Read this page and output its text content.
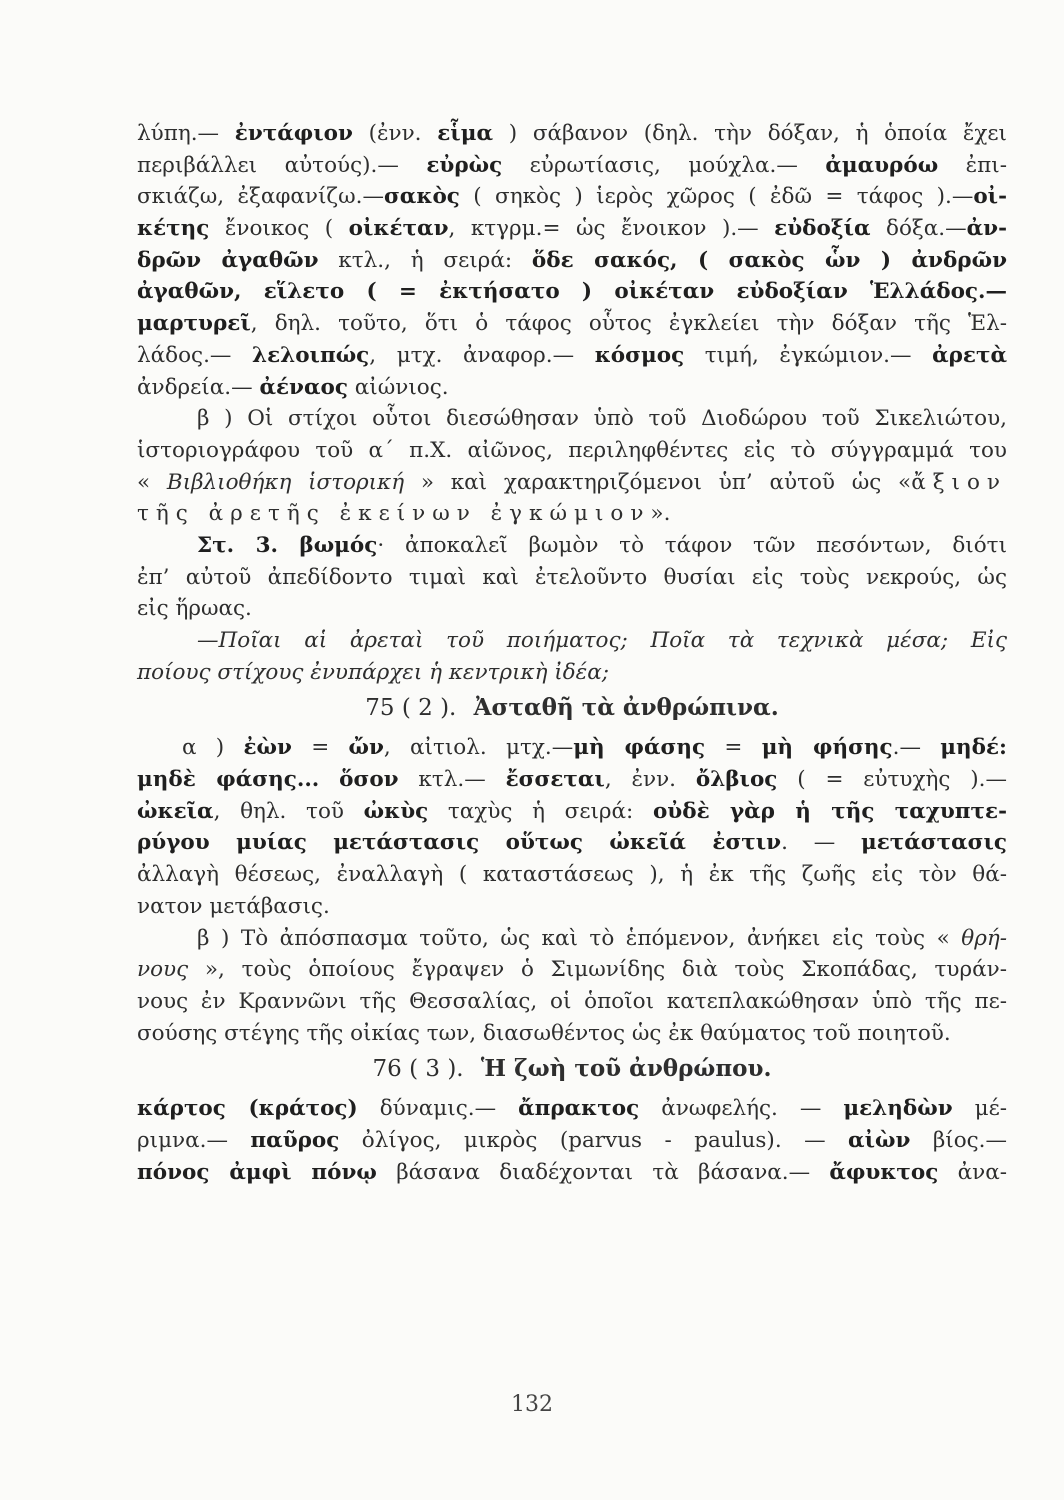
λύπη.— ἐντάφιον (ἐνν. εἷμα ) σάβανον (δηλ. τὴν δόξαν, ἡ ὁποία ἔχει
περιβάλλει αὐτούς).— εὐρὼς εὐρωτίασις, μούχλα.— ἀμαυρόω ἐπι-
σκιάζω, ἐξαφανίζω.—σακὸς ( σηκὸς ) ἱερὸς χῶρος ( ἐδῶ = τάφος ).—οἰ-
κέτης ἔνοικος ( οἰκέταν, κτγρμ.= ὡς ἔνοικον ).— εὐδοξία δόξα.—ἀν-
δρῶν ἀγαθῶν κτλ., ἡ σειρά: ὅδε σακός, ( σακὸς ὧν ) ἀνδρῶν
ἀγαθῶν, εἵλετο ( = ἐκτήσατο ) οἰκέταν εὐδοξίαν Ἑλλάδος.—
μαρτυρεῖ, δηλ. τοῦτο, ὅτι ὁ τάφος οὗτος ἐγκλείει τὴν δόξαν τῆς Ἑλ-
λάδος.— λελοιπώς, μτχ. ἀναφορ.— κόσμος τιμή, ἐγκώμιον.— ἀρετὰ
ἀνδρεία.— ἀέναος αἰώνιος.
β ) Οἱ στίχοι οὗτοι διεσώθησαν ὑπὸ τοῦ Διοδώρου τοῦ Σικελιώτου,
ἱστοριογράφου τοῦ α΄ π.Χ. αἰῶνος, περιληφθέντες εἰς τὸ σύγγραμμά του
« Βιβλιοθήκη ἱστορική » καὶ χαρακτηριζόμενοι ὑπ’ αὐτοῦ ὡς «ἄξιον
τῆς ἀρετῆς ἐκείνων ἐγκώμιον».
Στ. 3. βωμός· ἀποκαλεῖ βωμὸν τὸ τάφον τῶν πεσόντων, διότι
ἐπ’ αὐτοῦ ἀπεδίδοντο τιμαὶ καὶ ἐτελοῦντο θυσίαι εἰς τοὺς νεκρούς, ὡς
εἰς ἥρωας.
—Ποῖαι αἱ ἀρεταὶ τοῦ ποιήματος; Ποῖα τὰ τεχνικὰ μέσα; Εἰς
ποίους στίχους ἐνυπάρχει ἡ κεντρικὴ ἰδέα;
75 ( 2 ). Ἀσταθῆ τὰ ἀνθρώπινα.
α ) ἐὼν = ὤν, αἰτιολ. μτχ.—μὴ φάσης = μὴ φήσης.— μηδέ:
μηδὲ φάσης... ὅσον κτλ.— ἔσσεται, ἐνν. ὄλβιος ( = εὐτυχὴς ).—
ὠκεῖα, θηλ. τοῦ ὠκὺς ταχὺς ἡ σειρά: οὐδὲ γὰρ ἡ τῆς ταχυπτε-
ρύγου μυίας μετάστασις οὕτως ὠκεῖά ἐστιν. — μετάστασις
ἀλλαγὴ θέσεως, ἐναλλαγὴ ( καταστάσεως ), ἡ ἐκ τῆς ζωῆς εἰς τὸν θά-
νατον μετάβασις.
β ) Τὸ ἀπόσπασμα τοῦτο, ὡς καὶ τὸ ἑπόμενον, ἀνήκει εἰς τοὺς « θρή-
νους », τοὺς ὁποίους ἔγραψεν ὁ Σιμωνίδης διὰ τοὺς Σκοπάδας, τυράν-
νους ἐν Κραννῶνι τῆς Θεσσαλίας, οἱ ὁποῖοι κατεπλακώθησαν ὑπὸ τῆς πε-
σούσης στέγης τῆς οἰκίας των, διασωθέντος ὡς ἐκ θαύματος τοῦ ποιητοῦ.
76 ( 3 ). Ἡ ζωὴ τοῦ ἀνθρώπου.
κάρτος (κράτος) δύναμις.— ἄπρακτος ἀνωφελής. — μεληδὼν μέ-
ριμνα.— παῦρος ὀλίγος, μικρὸς (parvus - paulus). — αἰὼν βίος.—
πόνος ἀμφὶ πόνῳ βάσανα διαδέχονται τὰ βάσανα.— ἄφυκτος ἀνα-
132
